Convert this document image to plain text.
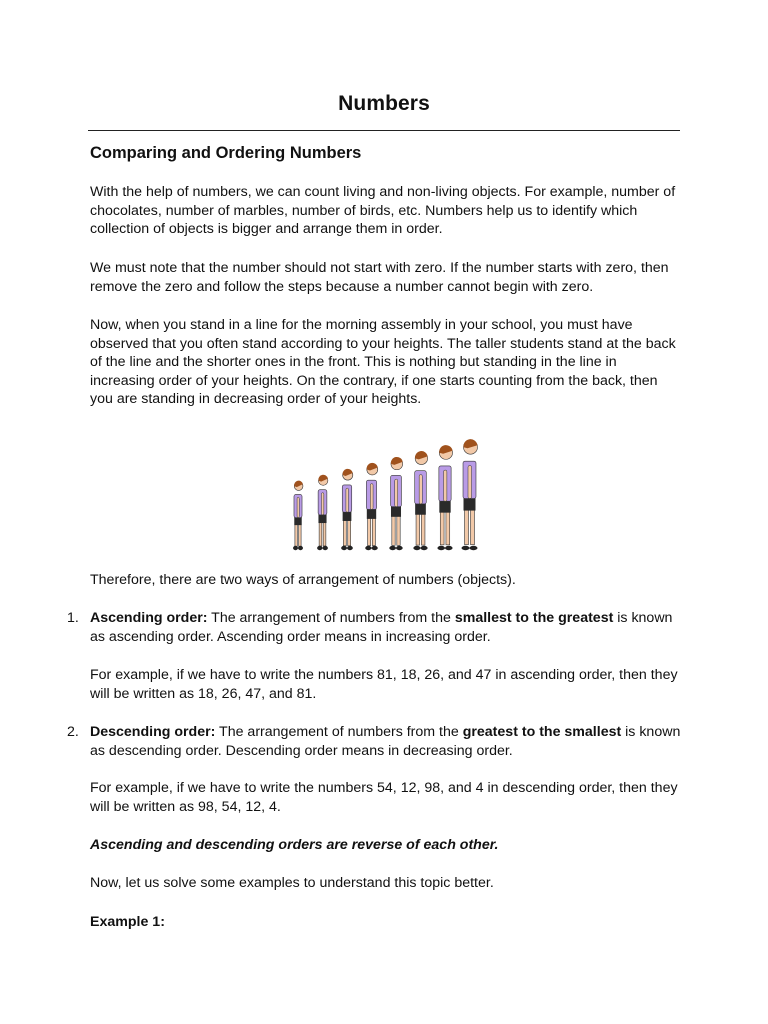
Numbers
Comparing and Ordering Numbers

With the help of numbers, we can count living and non-living objects. For example, number of chocolates, number of marbles, number of birds, etc. Numbers help us to identify which collection of objects is bigger and arrange them in order.

We must note that the number should not start with zero. If the number starts with zero, then remove the zero and follow the steps because a number cannot begin with zero.

Now, when you stand in a line for the morning assembly in your school, you must have observed that you often stand according to your heights. The taller students stand at the back of the line and the shorter ones in the front. This is nothing but standing in the line in increasing order of your heights. On the contrary, if one starts counting from the back, then you are standing in decreasing order of your heights.

Therefore, there are two ways of arrangement of numbers (objects).

1. Ascending order: The arrangement of numbers from the smallest to the greatest is known as ascending order. Ascending order means in increasing order.

For example, if we have to write the numbers 81, 18, 26, and 47 in ascending order, then they will be written as 18, 26, 47, and 81.

2. Descending order: The arrangement of numbers from the greatest to the smallest is known as descending order. Descending order means in decreasing order.

For example, if we have to write the numbers 54, 12, 98, and 4 in descending order, then they will be written as 98, 54, 12, 4.

Ascending and descending orders are reverse of each other.

Now, let us solve some examples to understand this topic better.

Example 1:
